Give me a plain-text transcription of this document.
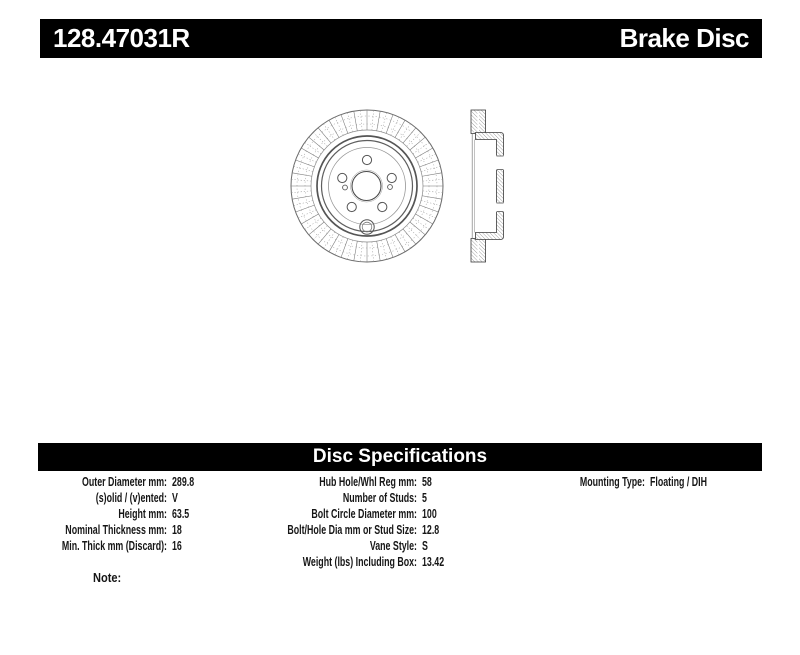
128.47031R	Brake Disc
Disc Specifications
Outer Diameter mm: 289.8
(s)olid / (v)ented: V
Height mm: 63.5
Nominal Thickness mm: 18
Min. Thick mm (Discard): 16
Hub Hole/Whl Reg mm: 58
Number of Studs: 5
Bolt Circle Diameter mm: 100
Bolt/Hole Dia mm or Stud Size: 12.8
Vane Style: S
Weight (lbs) Including Box: 13.42
Mounting Type: Floating / DIH
Note:
